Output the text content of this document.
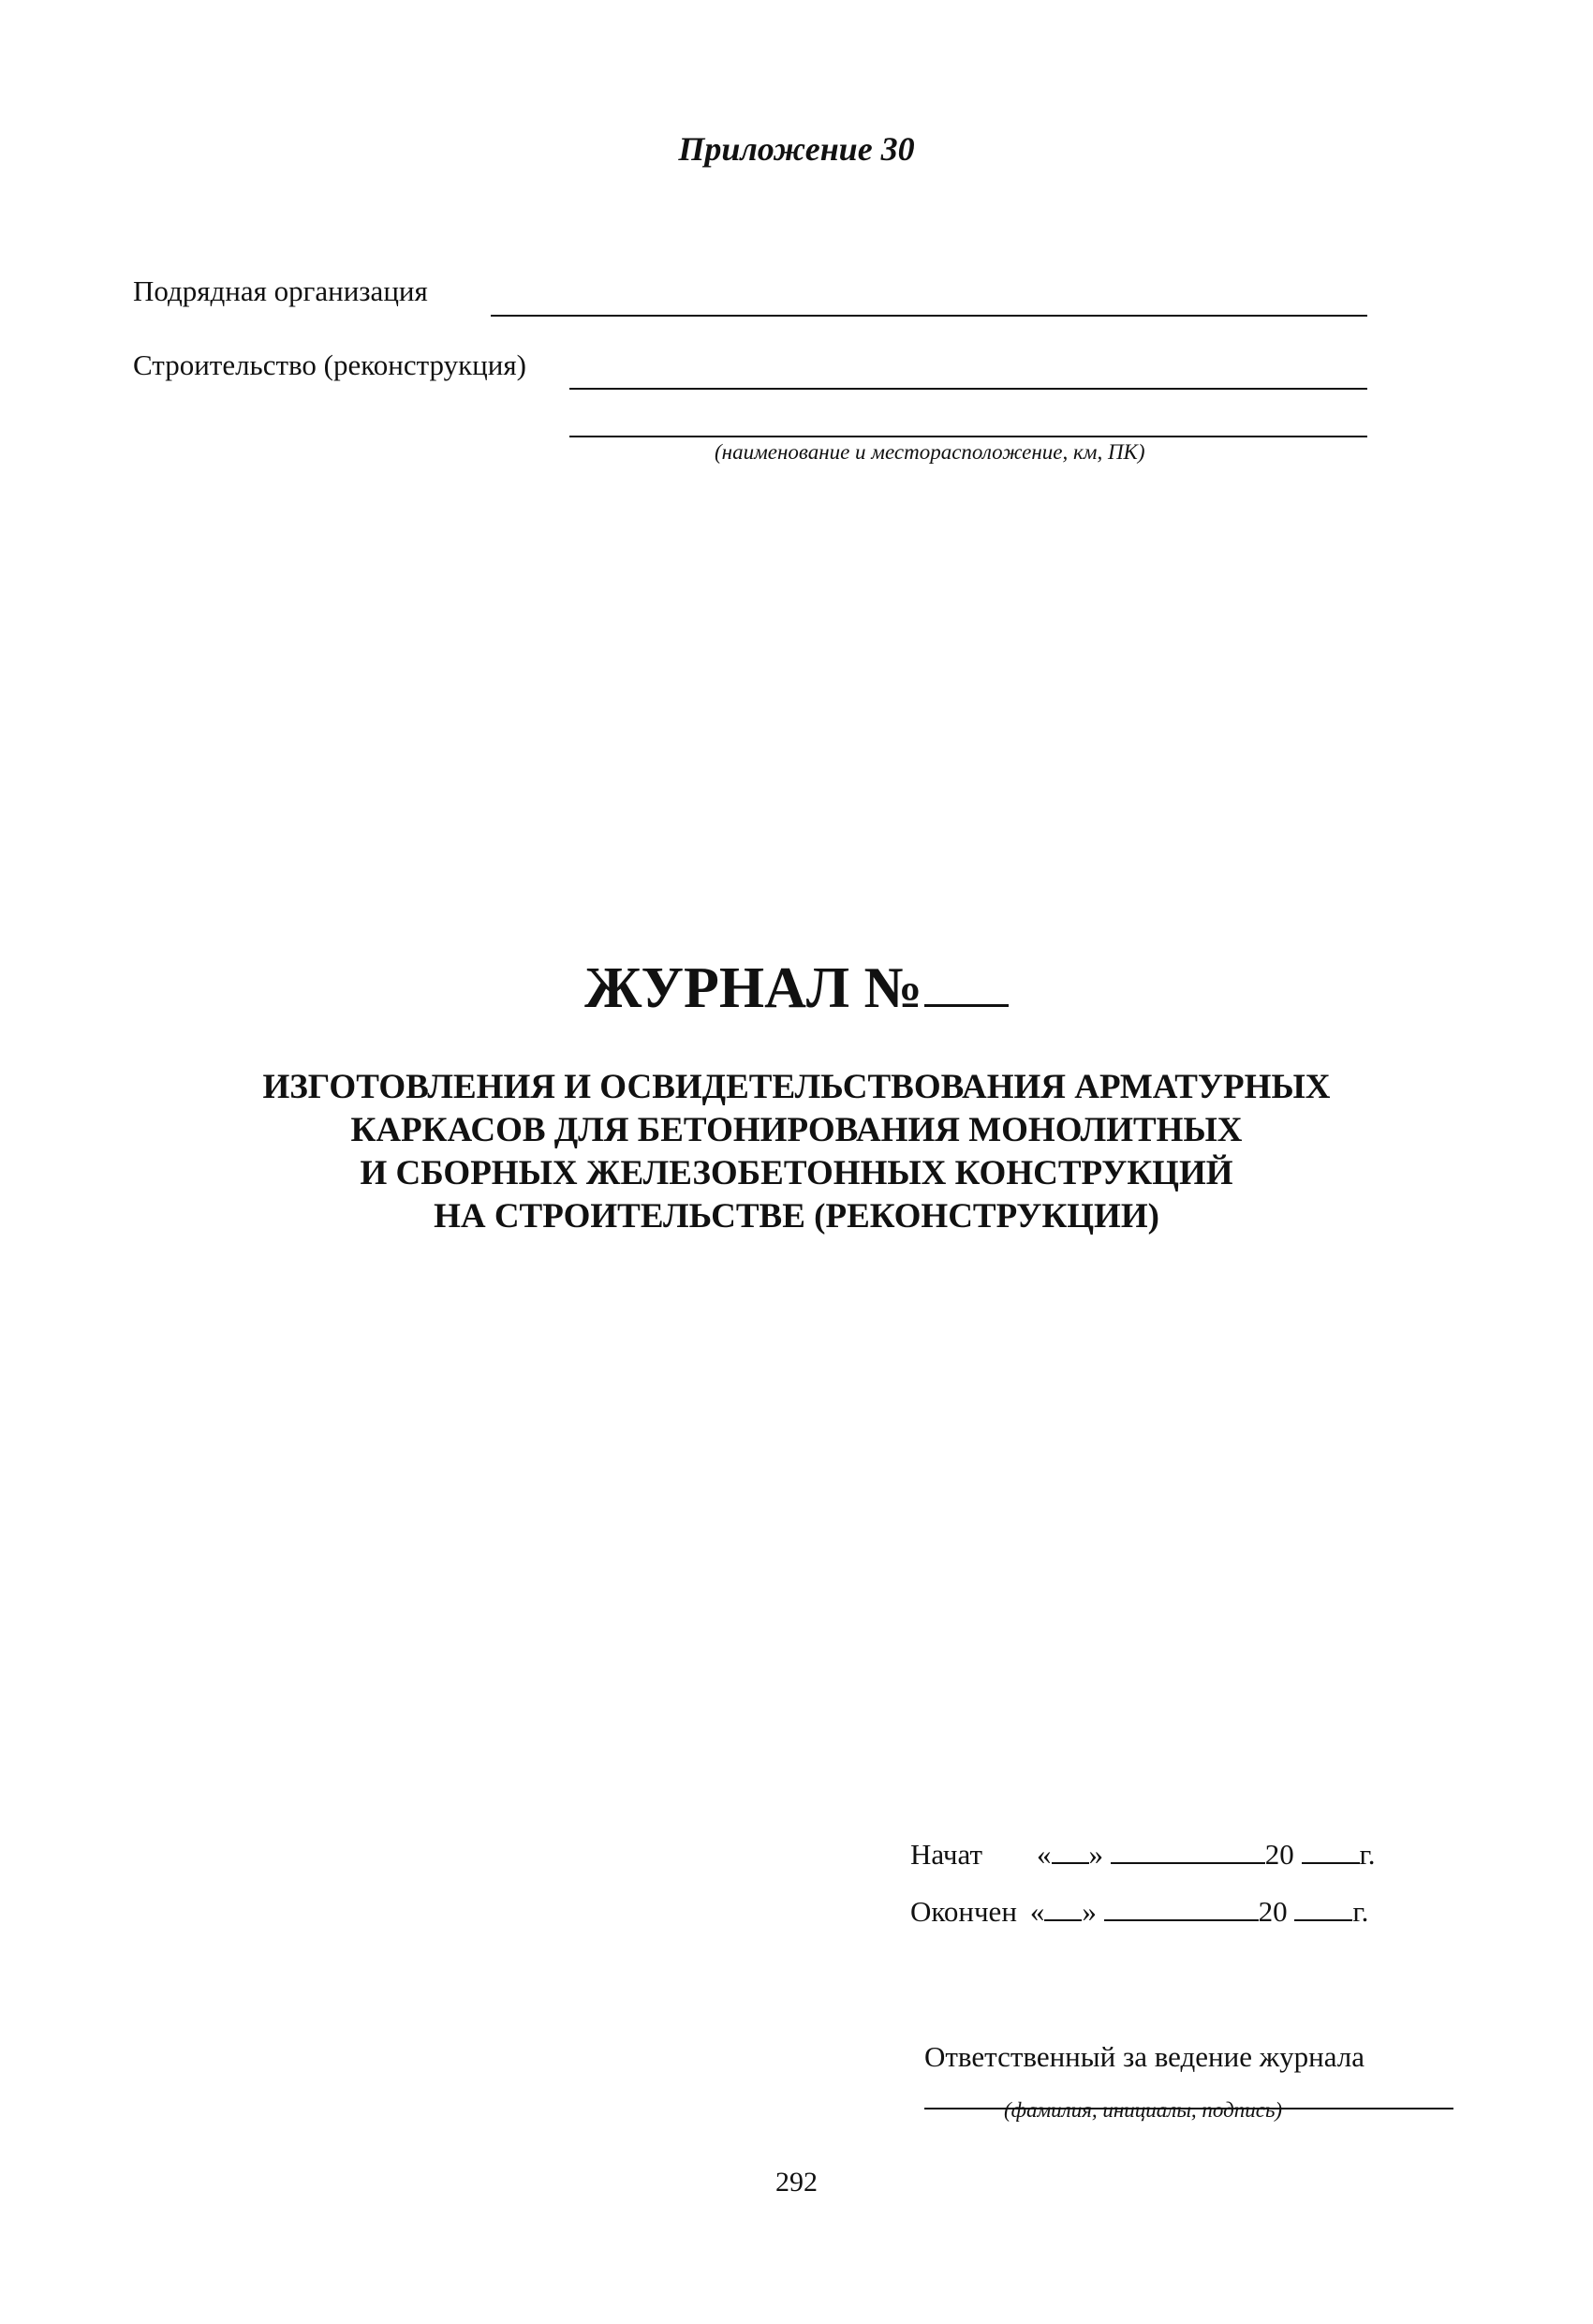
Приложение 30
Подрядная организация
Строительство (реконструкция)
(наименование и месторасположение, км, ПК)
ЖУРНАЛ №
ИЗГОТОВЛЕНИЯ И ОСВИДЕТЕЛЬСТВОВАНИЯ АРМАТУРНЫХ
КАРКАСОВ ДЛЯ БЕТОНИРОВАНИЯ МОНОЛИТНЫХ
И СБОРНЫХ ЖЕЛЕЗОБЕТОННЫХ КОНСТРУКЦИЙ
НА СТРОИТЕЛЬСТВЕ (РЕКОНСТРУКЦИИ)
Начат « »	20 г.
Окончен « »	20 г.
Ответственный за ведение журнала
(фамилия, инициалы, подпись)
292
